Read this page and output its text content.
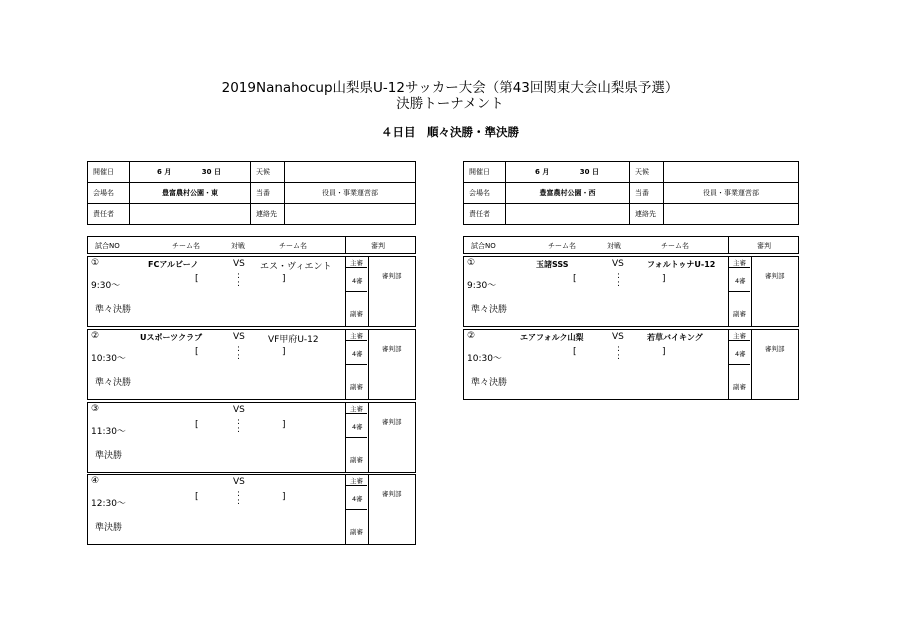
2019Nanahocup山梨県U-12サッカー大会（第43回関東大会山梨県予選）
決勝トーナメント
４日目　順々決勝・準決勝
開催日	6 月 30 日	天候	
会場名	豊富農村公園・東	当番	役員・事業運営部
責任者		連絡先	
開催日	6 月 30 日	天候	
会場名	豊富農村公園・西	当番	役員・事業運営部
責任者		連絡先	
試合NO	チーム名	対戦	チーム名	審判	試合NO	チーム名	対戦	チーム名	審判
①
9:30～
準々決勝
FCアルビーノ	VS エス・ヴィエント
[	:
:	]
主審
4審
副審
審判部
②
10:30～
準々決勝
Uスポーツクラブ	VS	VF甲府U-12
[	:
:	]
主審
4審
副審
審判部
③
11:30～
準決勝
VS
[	:
:	]
主審
4審
副審
審判部
④
12:30～
準決勝
VS
[	:
:	]
主審
4審
副審
審判部
①
9:30～
準々決勝
玉諸SSS	VS	フォルトゥナU-12
[	:
:	]
主審
4審
副審
審判部
②
10:30～
準々決勝
エアフォルク山梨	VS	若草バイキング
[	:
:	]
主審
4審
副審
審判部
